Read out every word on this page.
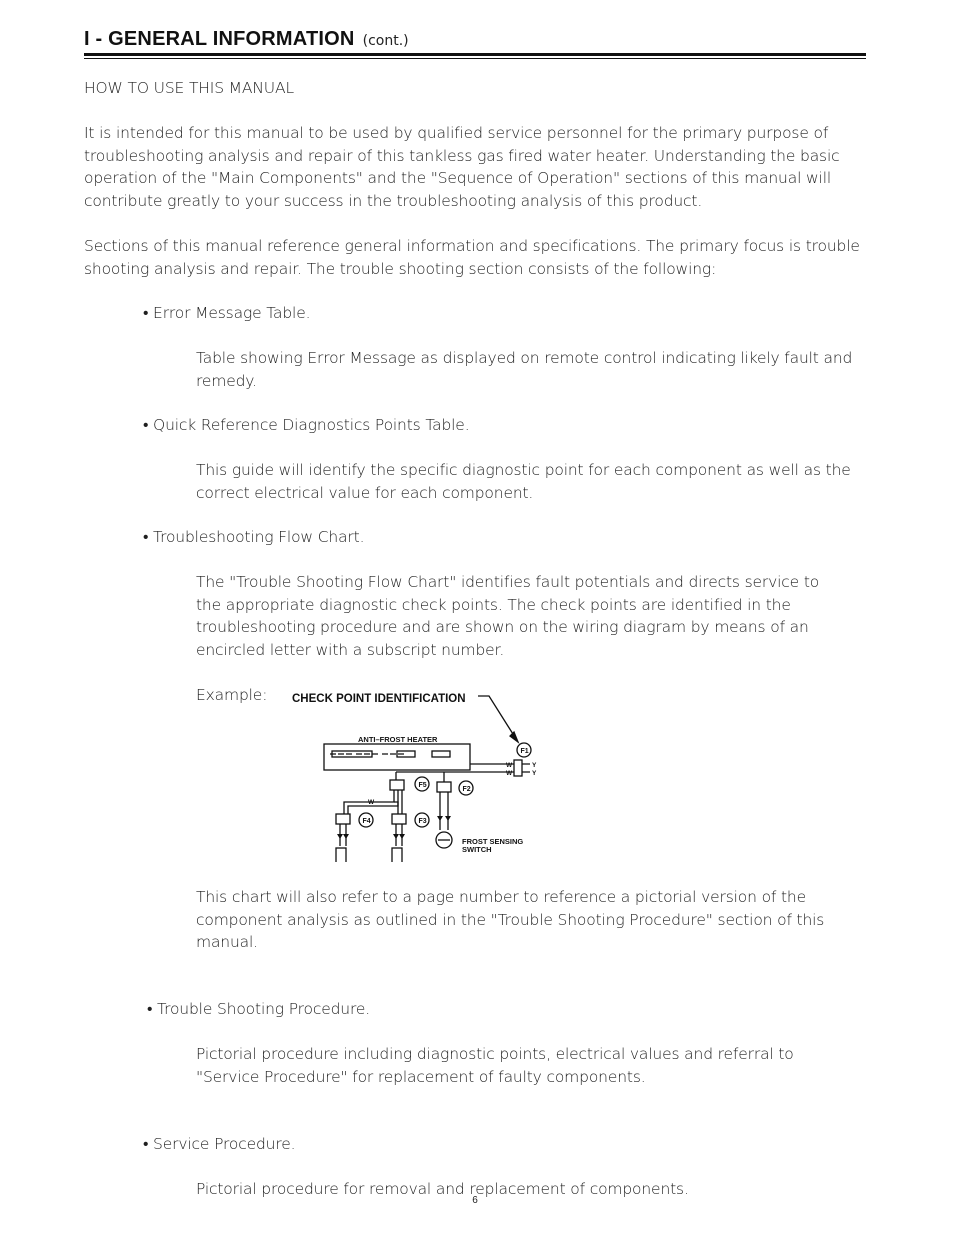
I - GENERAL INFORMATION (cont.)

HOW TO USE THIS MANUAL

It is intended for this manual to be used by qualified service personnel for the primary purpose of
troubleshooting analysis and repair of this tankless gas fired water heater. Understanding the basic
operation of the "Main Components" and the "Sequence of Operation" sections of this manual will
contribute greatly to your success in the troubleshooting analysis of this product.

Sections of this manual reference general information and specifications. The primary focus is trouble
shooting analysis and repair. The trouble shooting section consists of the following:

• Error Message Table.

Table showing Error Message as displayed on remote control indicating likely fault and
remedy.

• Quick Reference Diagnostics Points Table.

This guide will identify the specific diagnostic point for each component as well as the
correct electrical value for each component.

• Troubleshooting Flow Chart.

The "Trouble Shooting Flow Chart" identifies fault potentials and directs service to
the appropriate diagnostic check points. The check points are identified in the
troubleshooting procedure and are shown on the wiring diagram by means of an
encircled letter with a subscript number.

Example:	CHECK POINT IDENTIFICATION
ANTI–FROST HEATER
FROST SENSING
SWITCH
F1
F2
F3
F4
F5
W
W
Y
Y
W

This chart will also refer to a page number to reference a pictorial version of the
component analysis as outlined in the "Trouble Shooting Procedure" section of this
manual.

• Trouble Shooting Procedure.

Pictorial procedure including diagnostic points, electrical values and referral to
"Service Procedure" for replacement of faulty components.

• Service Procedure.

Pictorial procedure for removal and replacement of components.

6
